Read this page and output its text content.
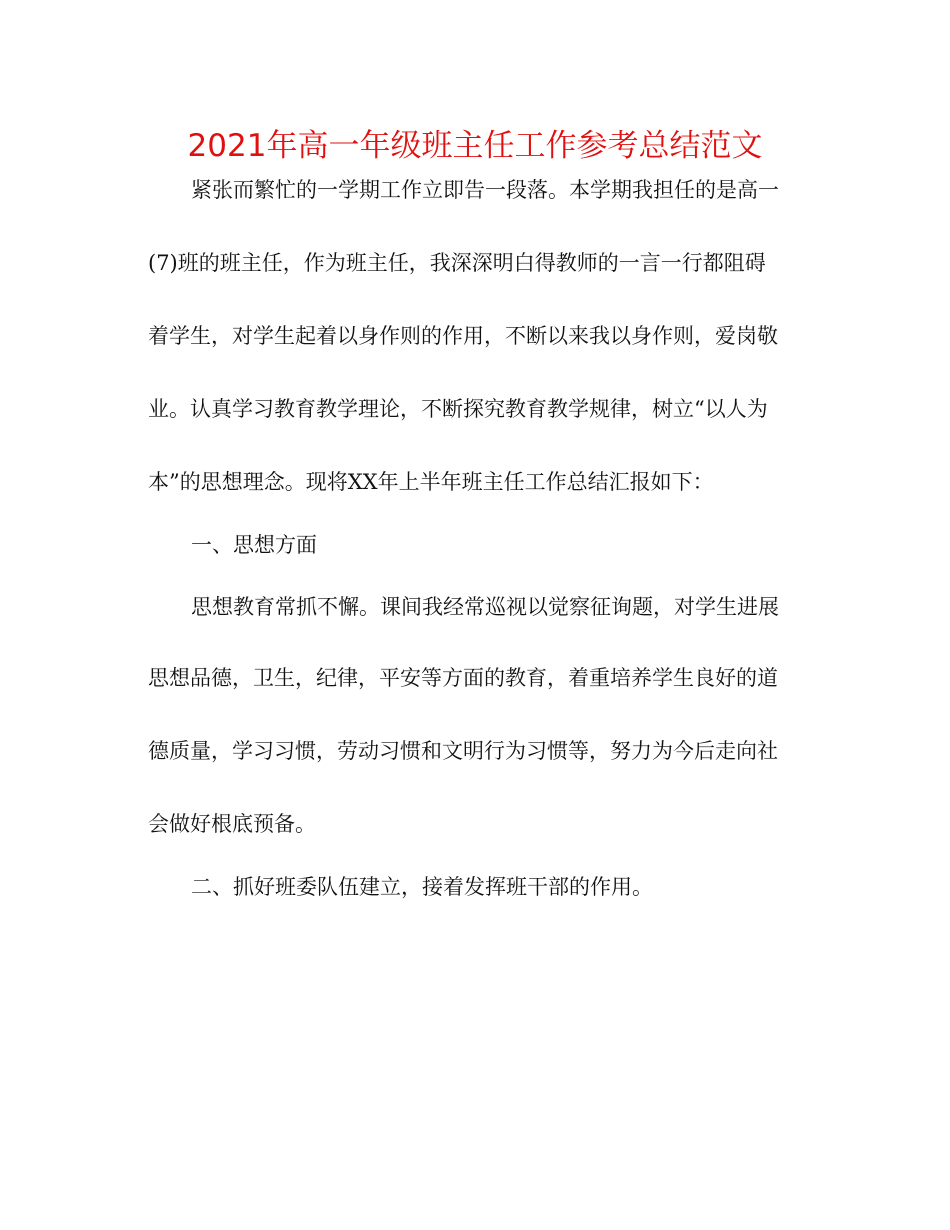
2021年高一年级班主任工作参考总结范文
紧张而繁忙的一学期工作立即告一段落。本学期我担任的是高一
(7)班的班主任，作为班主任，我深深明白得教师的一言一行都阻碍
着学生，对学生起着以身作则的作用，不断以来我以身作则，爱岗敬
业。认真学习教育教学理论，不断探究教育教学规律，树立“以人为
本”的思想理念。现将XX年上半年班主任工作总结汇报如下：
一、思想方面
思想教育常抓不懈。课间我经常巡视以觉察征询题，对学生进展
思想品德，卫生，纪律，平安等方面的教育，着重培养学生良好的道
德质量，学习习惯，劳动习惯和文明行为习惯等，努力为今后走向社
会做好根底预备。
二、抓好班委队伍建立，接着发挥班干部的作用。
